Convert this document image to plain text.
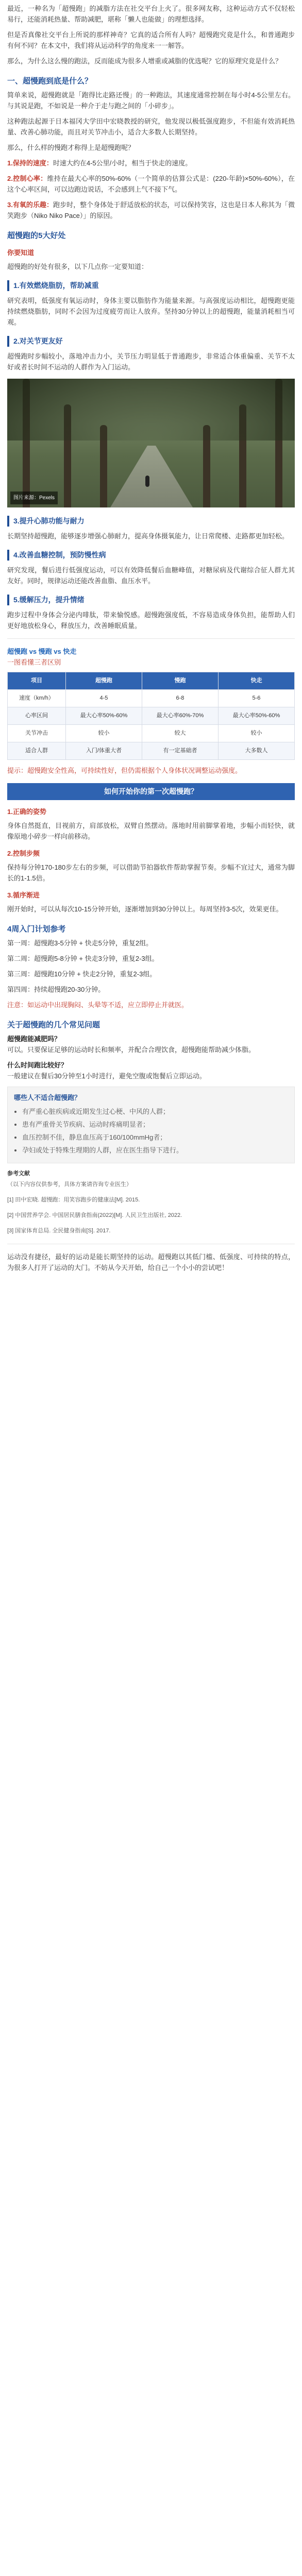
最近，一种名为「超慢跑」的减脂方法在社交平台上火了。很多网友称，这种运动方式不仅轻松易行，还能消耗热量、帮助减肥，堪称「懒人也能做」的理想选择。

但是否真像社交平台上所说的那样神奇？它真的适合所有人吗？超慢跑究竟是什么，和普通跑步有何不同？在本文中，我们将从运动科学的角度来一一解答。

那么，为什么这么慢的跑法，反而能成为很多人增重或减脂的优选呢？它的原理究竟是什么？

一、超慢跑到底是什么？

简单来说，超慢跑就是「跑得比走路还慢」的一种跑法，其速度通常控制在每小时4-5公里左右。与其说是跑，不如说是一种介于走与跑之间的「小碎步」。

这种跑法起源于日本福冈大学田中宏晓教授的研究，他发现以极低强度跑步，不但能有效消耗热量、改善心肺功能，而且对关节冲击小，适合大多数人长期坚持。

那么，什么样的慢跑才称得上是超慢跑呢？

1.保持的速度：时速大约在4-5公里/小时，相当于快走的速度。

2.控制心率：维持在最大心率的50%-60%（一个简单的估算公式是：(220-年龄)×50%-60%），在这个心率区间，可以边跑边说话，不会感到上气不接下气。

3.有氧的乐趣：跑步时，整个身体处于舒适放松的状态，可以保持笑容，这也是日本人称其为「微笑跑步（Niko Niko Pace）」的原因。

超慢跑的5大好处
你要知道

超慢跑的好处有很多，以下几点你一定要知道：

1.有效燃烧脂肪，帮助减重

研究表明，低强度有氧运动时，身体主要以脂肪作为能量来源。与高强度运动相比，超慢跑更能持续燃烧脂肪，同时不会因为过度疲劳而让人放弃。坚持30分钟以上的超慢跑，能量消耗相当可观。

2.对关节更友好

超慢跑时步幅较小，落地冲击力小，关节压力明显低于普通跑步，非常适合体重偏重、关节不太好或者长时间不运动的人群作为入门运动。

图片来源：Pexels
3.提升心肺功能与耐力

长期坚持超慢跑，能够逐步增强心肺耐力，提高身体摄氧能力，让日常爬楼、走路都更加轻松。

4.改善血糖控制，预防慢性病

研究发现，餐后进行低强度运动，可以有效降低餐后血糖峰值，对糖尿病及代谢综合征人群尤其友好。同时，规律运动还能改善血脂、血压水平。

5.缓解压力，提升情绪

跑步过程中身体会分泌内啡肽，带来愉悦感。超慢跑强度低，不容易造成身体负担，能帮助人们更好地放松身心，释放压力，改善睡眠质量。

超慢跑 vs 慢跑 vs 快走
一图看懂三者区别
项目	超慢跑	慢跑	快走
速度（km/h）	4-5	6-8	5-6
心率区间	最大心率50%-60%	最大心率60%-70%	最大心率50%-60%
关节冲击	较小	较大	较小
适合人群	入门/体重大者	有一定基础者	大多数人

提示：超慢跑安全性高，可持续性好，但仍需根据个人身体状况调整运动强度。

如何开始你的第一次超慢跑？
1.正确的姿势

身体自然挺直，目视前方，肩部放松，双臂自然摆动。落地时用前脚掌着地，步幅小而轻快，就像原地小碎步一样向前移动。

2.控制步频

保持每分钟170-180步左右的步频，可以借助节拍器软件帮助掌握节奏。步幅不宜过大，通常为脚长的1-1.5倍。

3.循序渐进

刚开始时，可以从每次10-15分钟开始，逐渐增加到30分钟以上。每周坚持3-5次，效果更佳。

4周入门计划参考

第一周：超慢跑3-5分钟 + 快走5分钟，重复2组。

第二周：超慢跑5-8分钟 + 快走3分钟，重复2-3组。

第三周：超慢跑10分钟 + 快走2分钟，重复2-3组。

第四周：持续超慢跑20-30分钟。

注意：如运动中出现胸闷、头晕等不适，应立即停止并就医。

关于超慢跑的几个常见问题

超慢跑能减肥吗？
可以。只要保证足够的运动时长和频率，并配合合理饮食，超慢跑能帮助减少体脂。

什么时间跑比较好？
一般建议在餐后30分钟至1小时进行，避免空腹或饱餐后立即运动。

哪些人不适合超慢跑？
• 有严重心脏疾病或近期发生过心梗、中风的人群；
• 患有严重骨关节疾病、运动时疼痛明显者；
• 血压控制不佳，静息血压高于160/100mmHg者；
• 孕妇或处于特殊生理期的人群，应在医生指导下进行。

参考文献
（以下内容仅供参考，具体方案请咨询专业医生）

[1] 田中宏晓. 超慢跑：用笑容跑步的健康法[M]. 2015.

[2] 中国营养学会. 中国居民膳食指南(2022)[M]. 人民卫生出版社, 2022.

[3] 国家体育总局. 全民健身指南[S]. 2017.

运动没有捷径，最好的运动是能长期坚持的运动。超慢跑以其低门槛、低强度、可持续的特点，为很多人打开了运动的大门。不妨从今天开始，给自己一个小小的尝试吧！
